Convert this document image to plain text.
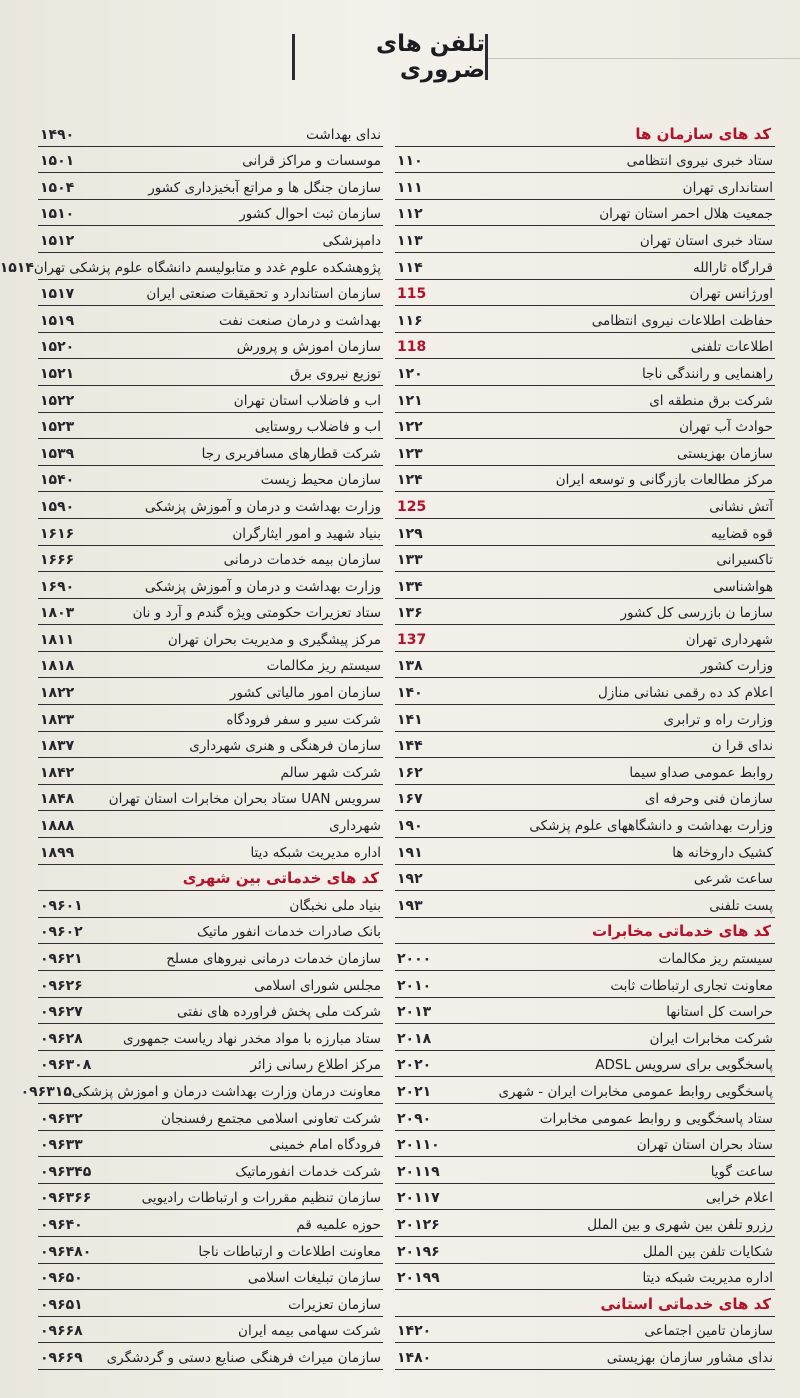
تلفن های ضروری
کد های سازمان ها
ستاد خبری نیروی انتظامی
۱۱۰
استانداری تهران
۱۱۱
جمعیت هلال احمر استان تهران
۱۱۲
ستاد خبری استان تهران
۱۱۳
قرارگاه ثارالله
۱۱۴
اورژانس تهران
115
حفاظت اطلاعات نیروی انتظامی
۱۱۶
اطلاعات تلفنی
118
راهنمایی و رانندگی ناجا
۱۲۰
شرکت برق منطقه ای
۱۲۱
حوادث آب تهران
۱۲۲
سازمان بهزیستی
۱۲۳
مرکز مطالعات بازرگانی و توسعه ایران
۱۲۴
آتش نشانی
125
قوه قضاییه
۱۲۹
تاکسیرانی
۱۳۳
هواشناسی
۱۳۴
سازما ن بازرسی کل کشور
۱۳۶
شهرداری تهران
137
وزارت کشور
۱۳۸
اعلام کد ده رقمی نشانی منازل
۱۴۰
وزارت راه و ترابری
۱۴۱
ندای قرا ن
۱۴۴
روابط عمومی صداو سیما
۱۶۲
سازمان فنی وحرفه ای
۱۶۷
وزارت بهداشت و دانشگاههای علوم پزشکی
۱۹۰
کشیک داروخانه ها
۱۹۱
ساعت شرعی
۱۹۲
پست تلفنی
۱۹۳
کد های خدماتی مخابرات
سیستم ریز مکالمات
۲۰۰۰
معاونت تجاری ارتباطات ثابت
۲۰۱۰
حراست کل استانها
۲۰۱۳
شرکت مخابرات ایران
۲۰۱۸
پاسخگویی برای سرویس ADSL
۲۰۲۰
پاسخگویی روابط عمومی مخابرات ایران - شهری
۲۰۲۱
ستاد پاسخگویی و روابط عمومی مخابرات
۲۰۹۰
ستاد بحران استان تهران
۲۰۱۱۰
ساعت گویا
۲۰۱۱۹
اعلام خرابی
۲۰۱۱۷
رزرو تلفن بین شهری و بین الملل
۲۰۱۲۶
شکایات تلفن بین الملل
۲۰۱۹۶
اداره مدیریت شبکه دیتا
۲۰۱۹۹
کد های خدماتی استانی
سازمان تامین اجتماعی
۱۴۲۰
ندای مشاور سازمان بهزیستی
۱۴۸۰
ندای بهداشت
۱۴۹۰
موسسات و مراکز قرانی
۱۵۰۱
سازمان جنگل ها و مراتع آبخیزداری کشور
۱۵۰۴
سازمان ثبت احوال کشور
۱۵۱۰
دامپزشکی
۱۵۱۲
پژوهشکده علوم غدد و متابولیسم دانشگاه علوم پزشکی تهران
۱۵۱۴
سازمان استاندارد و تحقیقات صنعتی ایران
۱۵۱۷
بهداشت و درمان صنعت نفت
۱۵۱۹
سازمان اموزش و پرورش
۱۵۲۰
توزیع نیروی برق
۱۵۲۱
اب و فاضلاب استان تهران
۱۵۲۲
اب و فاضلاب روستایی
۱۵۲۳
شرکت قطارهای مسافربری رجا
۱۵۳۹
سازمان محیط زیست
۱۵۴۰
وزارت بهداشت و درمان و آموزش پزشکی
۱۵۹۰
بنیاد شهید و امور ایثارگران
۱۶۱۶
سازمان بیمه خدمات درمانی
۱۶۶۶
وزارت بهداشت و درمان و آموزش پزشکی
۱۶۹۰
ستاد تعزیرات حکومتی ویژه گندم و آرد و نان
۱۸۰۳
مرکز پیشگیری و مدیریت بحران تهران
۱۸۱۱
سیستم ریز مکالمات
۱۸۱۸
سازمان امور مالیاتی کشور
۱۸۲۲
شرکت سیر و سفر فرودگاه
۱۸۳۳
سازمان فرهنگی و هنری شهرداری
۱۸۳۷
شرکت شهر سالم
۱۸۴۲
سرویس UAN ستاد بحران مخابرات استان تهران
۱۸۴۸
شهرداری
۱۸۸۸
اداره مدیریت شبکه دیتا
۱۸۹۹
کد های خدماتی بین شهری
بنیاد ملی نخبگان
۰۹۶۰۱
بانک صادرات خدمات انفور ماتیک
۰۹۶۰۲
سازمان خدمات درمانی نیروهای مسلح
۰۹۶۲۱
مجلس شورای اسلامی
۰۹۶۲۶
شرکت ملی پخش فراورده های نفتی
۰۹۶۲۷
ستاد مبارزه با مواد مخدر نهاد ریاست جمهوری
۰۹۶۲۸
مرکز اطلاع رسانی زائر
۰۹۶۳۰۸
معاونت درمان وزارت بهداشت درمان و اموزش پزشکی
۰۹۶۳۱۵
شرکت تعاونی اسلامی مجتمع رفسنجان
۰۹۶۳۲
فرودگاه امام خمینی
۰۹۶۳۳
شرکت خدمات انفورماتیک
۰۹۶۳۴۵
سازمان تنظیم مقررات و ارتباطات رادیویی
۰۹۶۳۶۶
حوزه علمیه قم
۰۹۶۴۰
معاونت اطلاعات و ارتباطات ناجا
۰۹۶۴۸۰
سازمان تبلیغات اسلامی
۰۹۶۵۰
سازمان تعزیرات
۰۹۶۵۱
شرکت سهامی بیمه ایران
۰۹۶۶۸
سازمان میراث فرهنگی صنایع دستی و گردشگری
۰۹۶۶۹
